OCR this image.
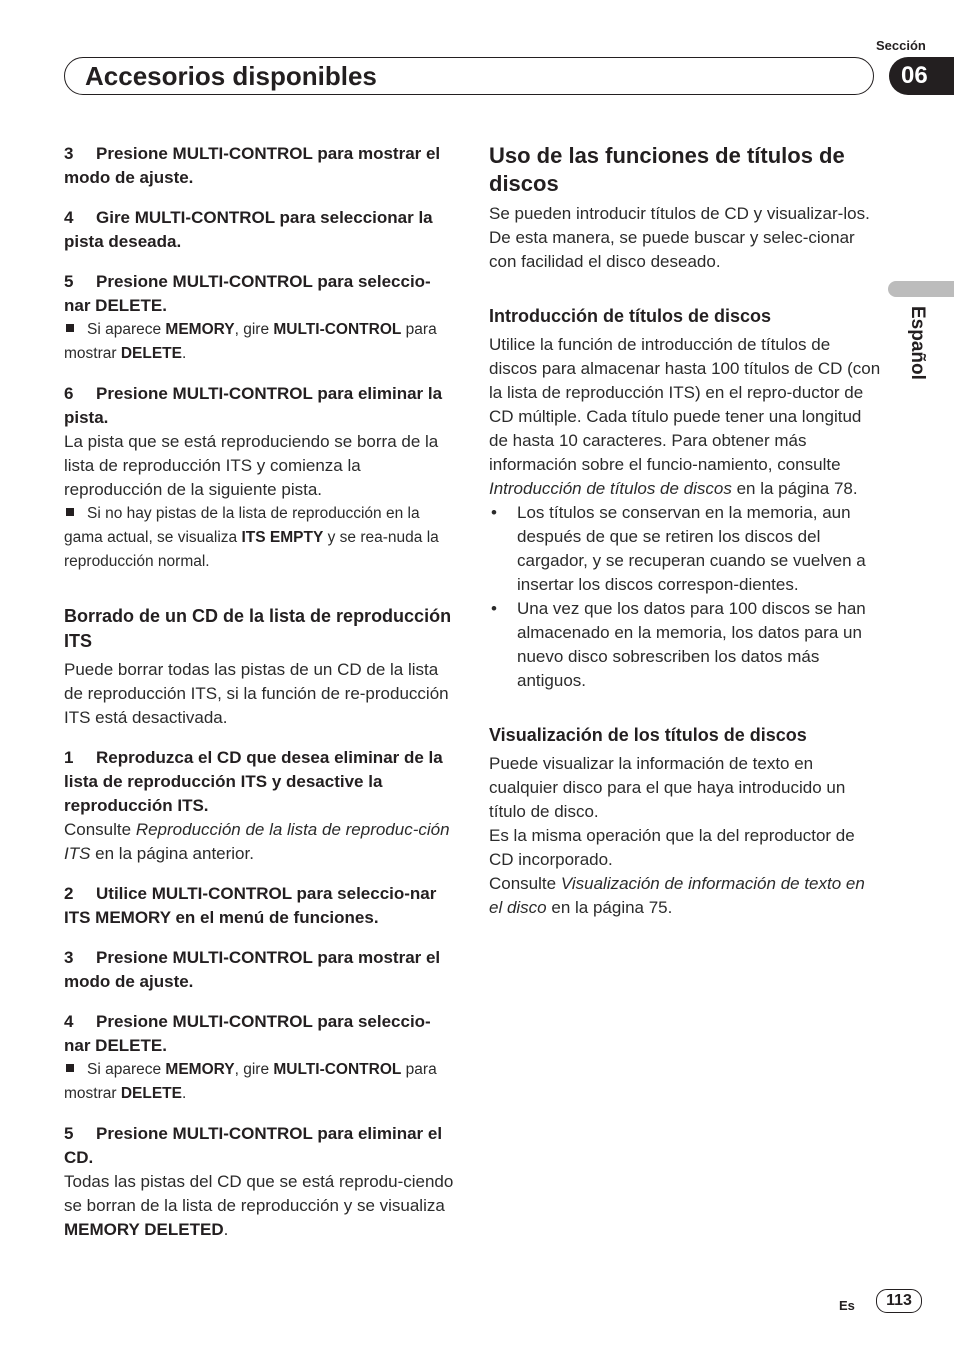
Sección
Accesorios disponibles	06
Español

3 Presione MULTI-CONTROL para mostrar el modo de ajuste.

4 Gire MULTI-CONTROL para seleccionar la pista deseada.

5 Presione MULTI-CONTROL para seleccio-nar DELETE.

Si aparece MEMORY, gire MULTI-CONTROL para mostrar DELETE.

6 Presione MULTI-CONTROL para eliminar la pista.

La pista que se está reproduciendo se borra de la lista de reproducción ITS y comienza la reproducción de la siguiente pista.

Si no hay pistas de la lista de reproducción en la gama actual, se visualiza ITS EMPTY y se rea-nuda la reproducción normal.

Borrado de un CD de la lista de reproducción ITS

Puede borrar todas las pistas de un CD de la lista de reproducción ITS, si la función de re-producción ITS está desactivada.

1 Reproduzca el CD que desea eliminar de la lista de reproducción ITS y desactive la reproducción ITS.

Consulte Reproducción de la lista de reproduc-ción ITS en la página anterior.

2 Utilice MULTI-CONTROL para seleccio-nar ITS MEMORY en el menú de funciones.

3 Presione MULTI-CONTROL para mostrar el modo de ajuste.

4 Presione MULTI-CONTROL para seleccio-nar DELETE.

Si aparece MEMORY, gire MULTI-CONTROL para mostrar DELETE.

5 Presione MULTI-CONTROL para eliminar el CD.

Todas las pistas del CD que se está reprodu-ciendo se borran de la lista de reproducción y se visualiza MEMORY DELETED.

Uso de las funciones de títulos de discos

Se pueden introducir títulos de CD y visualizar-los. De esta manera, se puede buscar y selec-cionar con facilidad el disco deseado.

Introducción de títulos de discos

Utilice la función de introducción de títulos de discos para almacenar hasta 100 títulos de CD (con la lista de reproducción ITS) en el repro-ductor de CD múltiple. Cada título puede tener una longitud de hasta 10 caracteres. Para obtener más información sobre el funcio-namiento, consulte Introducción de títulos de discos en la página 78.

•	Los títulos se conservan en la memoria, aun después de que se retiren los discos del cargador, y se recuperan cuando se vuelven a insertar los discos correspon-dientes.
•	Una vez que los datos para 100 discos se han almacenado en la memoria, los datos para un nuevo disco sobrescriben los datos más antiguos.

Visualización de los títulos de discos

Puede visualizar la información de texto en cualquier disco para el que haya introducido un título de disco.

Es la misma operación que la del reproductor de CD incorporado.

Consulte Visualización de información de texto en el disco en la página 75.

Es	113
